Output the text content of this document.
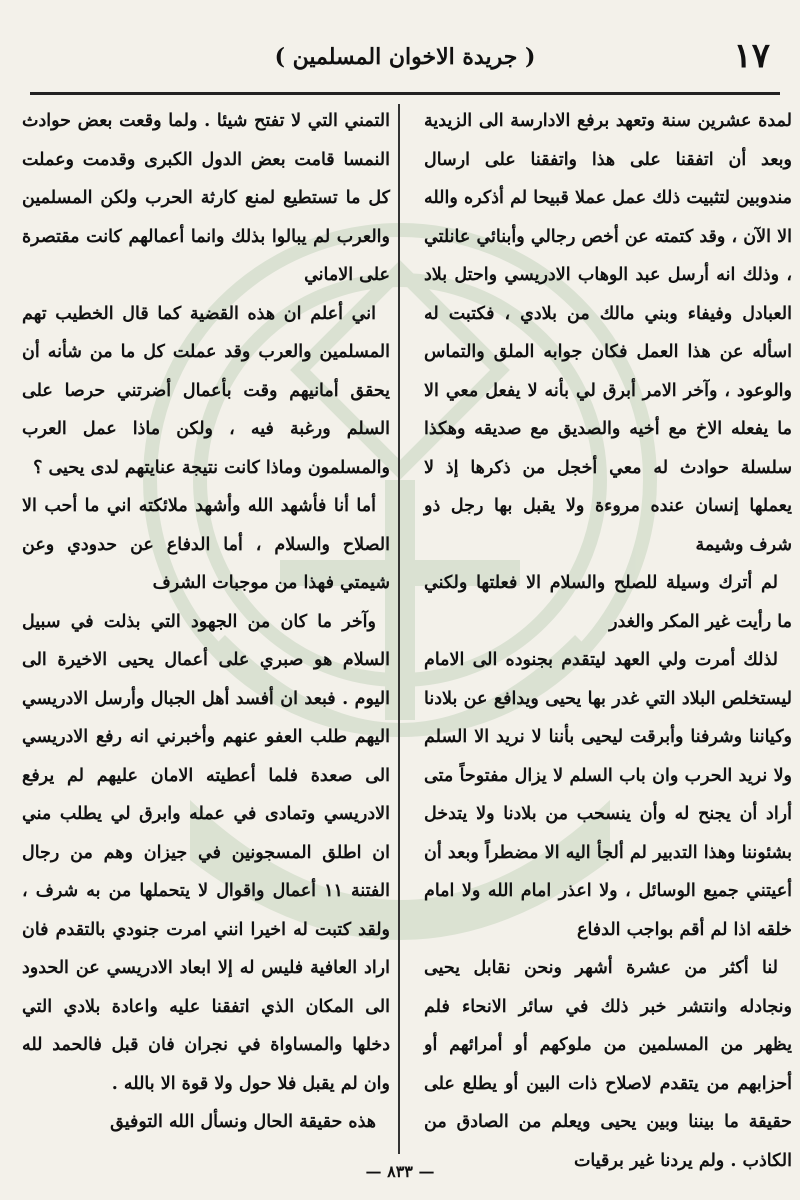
١٧
( جريدة الاخوان المسلمين )

لمدة عشرين سنة وتعهد برفع الادارسة الى الزيدية وبعد أن اتفقنا على هذا واتفقنا على ارسال مندوبين لتثبيت ذلك عمل عملا قبيحا لم أذكره والله الا الآن ، وقد كتمته عن أخص رجالي وأبنائي عانلتي ، وذلك انه أرسل عبد الوهاب الادريسي واحتل بلاد العبادل وفيفاء وبني مالك من بلادي ، فكتبت له اسأله عن هذا العمل فكان جوابه الملق والتماس والوعود ، وآخر الامر أبرق لي بأنه لا يفعل معي الا ما يفعله الاخ مع أخيه والصديق مع صديقه وهكذا سلسلة حوادث له معي أخجل من ذكرها إذ لا يعملها إنسان عنده مروءة ولا يقبل بها رجل ذو شرف وشيمة

لم أترك وسيلة للصلح والسلام الا فعلتها ولكني ما رأيت غير المكر والغدر

لذلك أمرت ولي العهد ليتقدم بجنوده الى الامام ليستخلص البلاد التي غدر بها يحيى ويدافع عن بلادنا وكياننا وشرفنا وأبرقت ليحيى بأننا لا نريد الا السلم ولا نريد الحرب وان باب السلم لا يزال مفتوحاً متى أراد أن يجنح له وأن ينسحب من بلادنا ولا يتدخل بشئوننا وهذا التدبير لم ألجأ اليه الا مضطراً وبعد أن أعيتني جميع الوسائل ، ولا اعذر امام الله ولا امام خلقه اذا لم أقم بواجب الدفاع

لنا أكثر من عشرة أشهر ونحن نقابل يحيى ونجادله وانتشر خبر ذلك في سائر الانحاء فلم يظهر من المسلمين من ملوكهم أو أمرائهم أو أحزابهم من يتقدم لاصلاح ذات البين أو يطلع على حقيقة ما بيننا وبين يحيى ويعلم من الصادق من الكاذب . ولم يردنا غير برقيات

التمني التي لا تفتح شيئا . ولما وقعت بعض حوادث النمسا قامت بعض الدول الكبرى وقدمت وعملت كل ما تستطيع لمنع كارثة الحرب ولكن المسلمين والعرب لم يبالوا بذلك وانما أعمالهم كانت مقتصرة على الاماني

اني أعلم ان هذه القضية كما قال الخطيب تهم المسلمين والعرب وقد عملت كل ما من شأنه أن يحقق أمانيهم وقت بأعمال أضرتني حرصا على السلم ورغبة فيه ، ولكن ماذا عمل العرب والمسلمون وماذا كانت نتيجة عنايتهم لدى يحيى ؟

أما أنا فأشهد الله وأشهد ملائكته اني ما أحب الا الصلاح والسلام ، أما الدفاع عن حدودي وعن شيمتي فهذا من موجبات الشرف

وآخر ما كان من الجهود التي بذلت في سبيل السلام هو صبري على أعمال يحيى الاخيرة الى اليوم . فبعد ان أفسد أهل الجبال وأرسل الادريسي اليهم طلب العفو عنهم وأخبرني انه رفع الادريسي الى صعدة فلما أعطيته الامان عليهم لم يرفع الادريسي وتمادى في عمله وابرق لي يطلب مني ان اطلق المسجونين في جيزان وهم من رجال الفتنة ١١ أعمال واقوال لا يتحملها من به شرف ، ولقد كتبت له اخيرا انني امرت جنودي بالتقدم فان اراد العافية فليس له إلا ابعاد الادريسي عن الحدود الى المكان الذي اتفقنا عليه واعادة بلادي التي دخلها والمساواة في نجران فان قبل فالحمد لله وان لم يقبل فلا حول ولا قوة الا بالله .

هذه حقيقة الحال ونسأل الله التوفيق

— ٨٣٣ —
